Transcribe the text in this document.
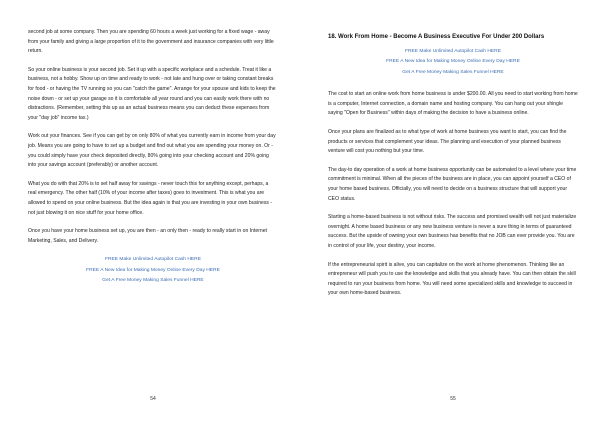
second job at some company. Then you are spending 60 hours a week just working for a fixed wage - away from your family and giving a large proportion of it to the government and insurance companies with very little return.

So your online business is your second job. Set it up with a specific workplace and a schedule. Treat it like a business, not a hobby. Show up on time and ready to work - not late and hung over or taking constant breaks for food - or having the TV running so you can "catch the game". Arrange for your spouse and kids to keep the noise down - or set up your garage so it is comfortable all year round and you can easily work there with no distractions. (Remember, setting this up as an actual business means you can deduct these expenses from your "day job" income tax.)

Work out your finances. See if you can get by on only 80% of what you currently earn in income from your day job. Means you are going to have to set up a budget and find out what you are spending your money on. Or - you could simply have your check deposited directly, 80% going into your checking account and 20% going into your savings account (preferably) or another account.

What you do with that 20% is to set half away for savings - never touch this for anything except, perhaps, a real emergency. The other half (10% of your income after taxes) goes to investment. This is what you are allowed to spend on your online business. But the idea again is that you are investing in your own business - not just blowing it on nice stuff for your home office.

Once you have your home business set up, you are then - an only then - ready to really start in on Internet Marketing, Sales, and Delivery.

FREE Make Unlimited Autopilot Cash HERE
FREE A New Idea for Making Money Online Every Day HERE
Get A Free Money Making Sales Funnel HERE
54
18. Work From Home - Become A Business Executive For Under 200 Dollars
FREE Make Unlimited Autopilot Cash HERE
FREE A New Idea for Making Money Online Every Day HERE
Get A Free Money Making Sales Funnel HERE

The cost to start an online work from home business is under $200.00. All you need to start working from home is a computer, Internet connection, a domain name and hosting company. You can hang out your shingle saying "Open for Business" within days of making the decision to have a business online.

Once your plans are finalized as to what type of work at home business you want to start, you can find the products or services that complement your ideas. The planning and execution of your planned business venture will cost you nothing but your time.

The day-to day operation of a work at home business opportunity can be automated to a level where your time commitment is minimal. When all the pieces of the business are in place, you can appoint yourself a CEO of your home based business. Officially, you will need to decide on a business structure that will support your CEO status.

Starting a home-based business is not without risks. The success and promised wealth will not just materialize overnight. A home based business or any new business venture is never a sure thing in terms of guaranteed success. But the upside of owning your own business has benefits that no JOB can ever provide you. You are in control of your life, your destiny, your income.

If the entrepreneurial spirit is alive, you can capitalize on the work at home phenomenon. Thinking like an entrepreneur will push you to use the knowledge and skills that you already have. You can then obtain the skill required to run your business from home. You will need some specialized skills and knowledge to succeed in your own home-based business.

55
